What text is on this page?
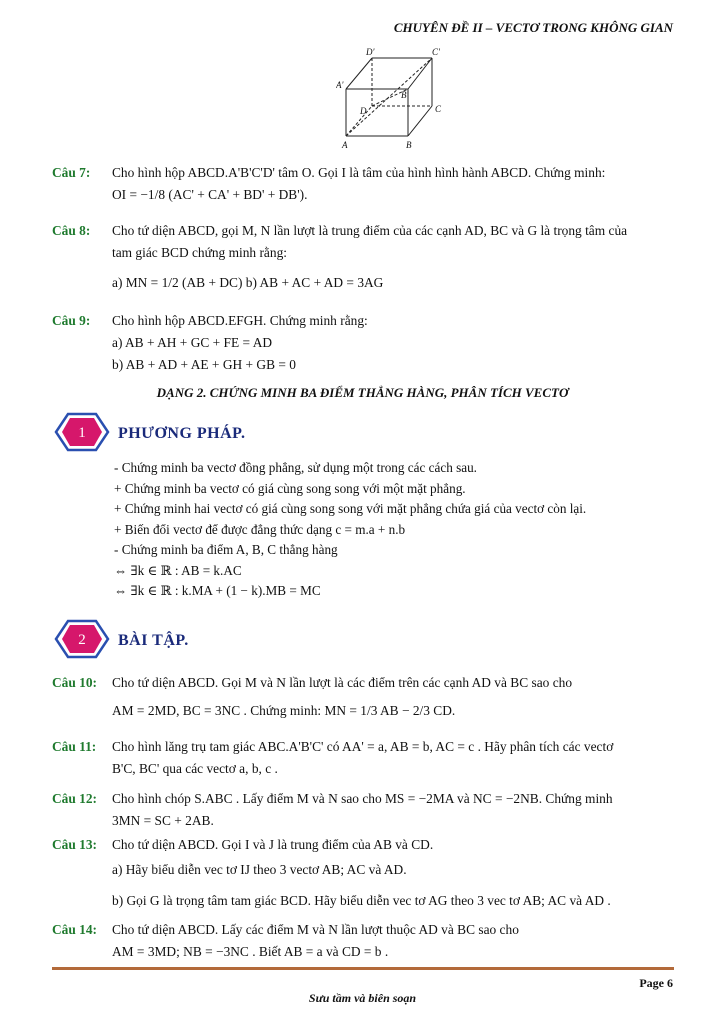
CHUYÊN ĐỀ II – VECTƠ TRONG KHÔNG GIAN
D'	C'
A'
B'
D	C
A	B
Câu 7:	Cho hình hộp ABCD.A'B'C'D' tâm O. Gọi I là tâm của hình hình hành ABCD. Chứng minh:
OI = −1/8 (AC' + CA' + BD' + DB').
Câu 8:	Cho tứ diện ABCD, gọi M, N lần lượt là trung điểm của các cạnh AD, BC và G là trọng tâm của
tam giác BCD chứng minh rằng:
a) MN = 1/2 (AB + DC) b) AB + AC + AD = 3AG
Câu 9:	Cho hình hộp ABCD.EFGH. Chứng minh rằng:
a) AB + AH + GC + FE = AD
b) AB + AD + AE + GH + GB = 0
DẠNG 2. CHỨNG MINH BA ĐIỂM THẲNG HÀNG, PHÂN TÍCH VECTƠ
1 PHƯƠNG PHÁP.
- Chứng minh ba vectơ đồng phẳng, sử dụng một trong các cách sau.
+ Chứng minh ba vectơ có giá cùng song song với một mặt phẳng.
+ Chứng minh hai vectơ có giá cùng song song với mặt phẳng chứa giá của vectơ còn lại.
+ Biến đổi vectơ để được đẳng thức dạng c = m.a + n.b
- Chứng minh ba điểm A, B, C thẳng hàng
⇔ ∃k ∈ ℝ : AB = k.AC
⇔ ∃k ∈ ℝ : k.MA + (1 − k).MB = MC
2 BÀI TẬP.
Câu 10:	Cho tứ diện ABCD. Gọi M và N lần lượt là các điểm trên các cạnh AD và BC sao cho
AM = 2MD, BC = 3NC . Chứng minh: MN = 1/3 AB − 2/3 CD.
Câu 11:	Cho hình lăng trụ tam giác ABC.A'B'C' có AA' = a, AB = b, AC = c . Hãy phân tích các vectơ
B'C, BC' qua các vectơ a, b, c .
Câu 12:	Cho hình chóp S.ABC . Lấy điểm M và N sao cho MS = −2MA và NC = −2NB. Chứng minh
3MN = SC + 2AB.
Câu 13:	Cho tứ diện ABCD. Gọi I và J là trung điểm của AB và CD.
a) Hãy biểu diễn vec tơ IJ theo 3 vectơ AB; AC và AD.
b) Gọi G là trọng tâm tam giác BCD. Hãy biểu diễn vec tơ AG theo 3 vec tơ AB; AC và AD .
Câu 14:	Cho tứ diện ABCD. Lấy các điểm M và N lần lượt thuộc AD và BC sao cho
AM = 3MD; NB = −3NC . Biết AB = a và CD = b .
Page 6
Sưu tầm và biên soạn
